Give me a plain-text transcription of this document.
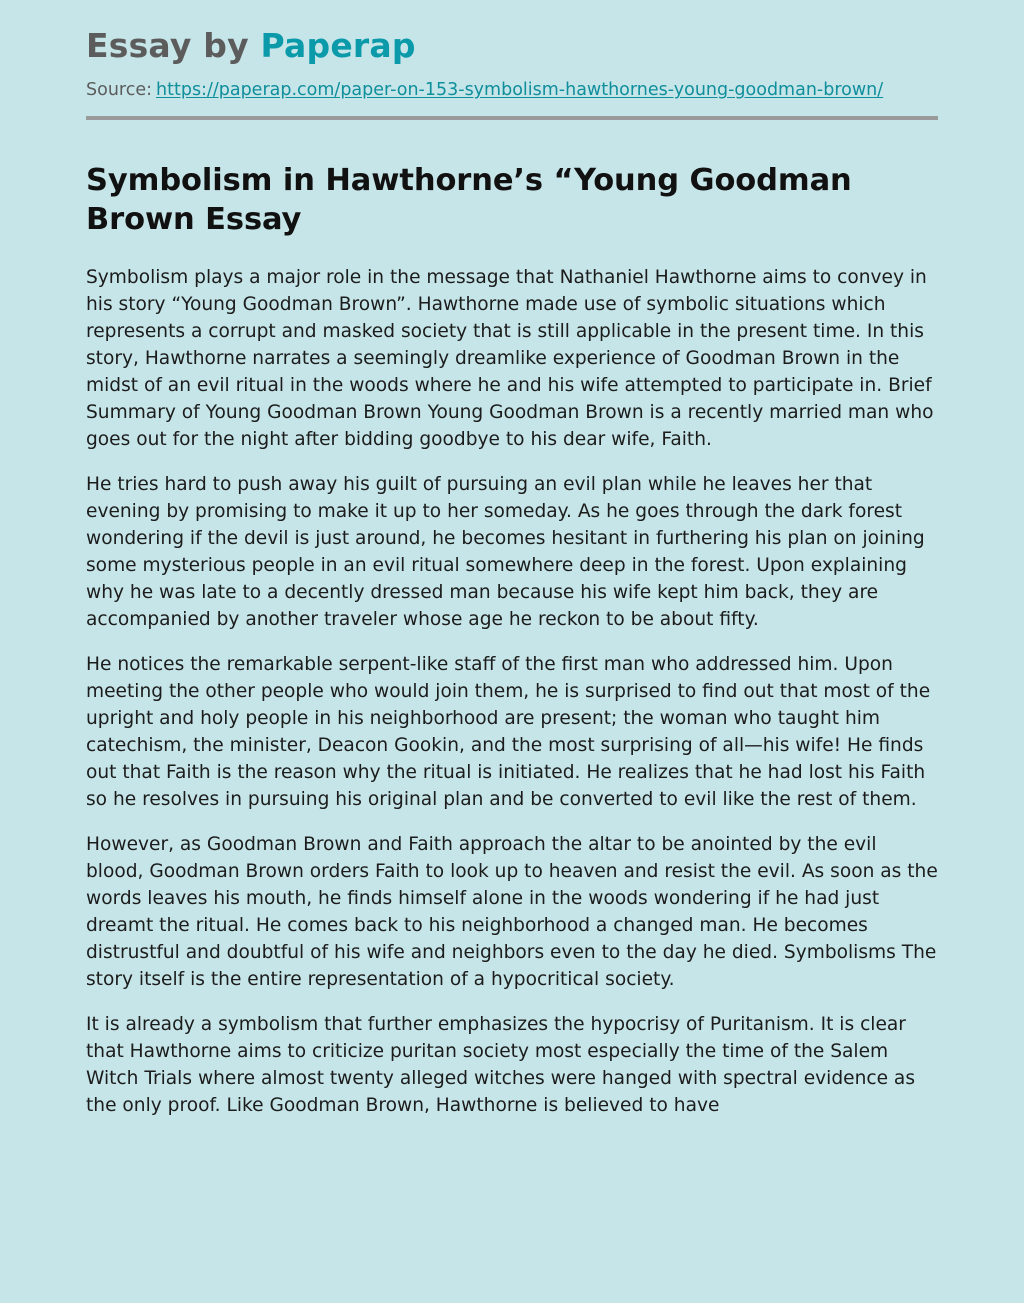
Essay by Paperap
Source: https://paperap.com/paper-on-153-symbolism-hawthornes-young-goodman-brown/
Symbolism in Hawthorne’s “Young Goodman Brown Essay

Symbolism plays a major role in the message that Nathaniel Hawthorne aims to convey in his story “Young Goodman Brown”. Hawthorne made use of symbolic situations which represents a corrupt and masked society that is still applicable in the present time. In this story, Hawthorne narrates a seemingly dreamlike experience of Goodman Brown in the midst of an evil ritual in the woods where he and his wife attempted to participate in. Brief Summary of Young Goodman Brown Young Goodman Brown is a recently married man who goes out for the night after bidding goodbye to his dear wife, Faith.

He tries hard to push away his guilt of pursuing an evil plan while he leaves her that evening by promising to make it up to her someday. As he goes through the dark forest wondering if the devil is just around, he becomes hesitant in furthering his plan on joining some mysterious people in an evil ritual somewhere deep in the forest. Upon explaining why he was late to a decently dressed man because his wife kept him back, they are accompanied by another traveler whose age he reckon to be about fifty.

He notices the remarkable serpent-like staff of the first man who addressed him. Upon meeting the other people who would join them, he is surprised to find out that most of the upright and holy people in his neighborhood are present; the woman who taught him catechism, the minister, Deacon Gookin, and the most surprising of all—his wife! He finds out that Faith is the reason why the ritual is initiated. He realizes that he had lost his Faith so he resolves in pursuing his original plan and be converted to evil like the rest of them.

However, as Goodman Brown and Faith approach the altar to be anointed by the evil blood, Goodman Brown orders Faith to look up to heaven and resist the evil. As soon as the words leaves his mouth, he finds himself alone in the woods wondering if he had just dreamt the ritual. He comes back to his neighborhood a changed man. He becomes distrustful and doubtful of his wife and neighbors even to the day he died. Symbolisms The story itself is the entire representation of a hypocritical society.

It is already a symbolism that further emphasizes the hypocrisy of Puritanism. It is clear that Hawthorne aims to criticize puritan society most especially the time of the Salem Witch Trials where almost twenty alleged witches were hanged with spectral evidence as the only proof. Like Goodman Brown, Hawthorne is believed to have
